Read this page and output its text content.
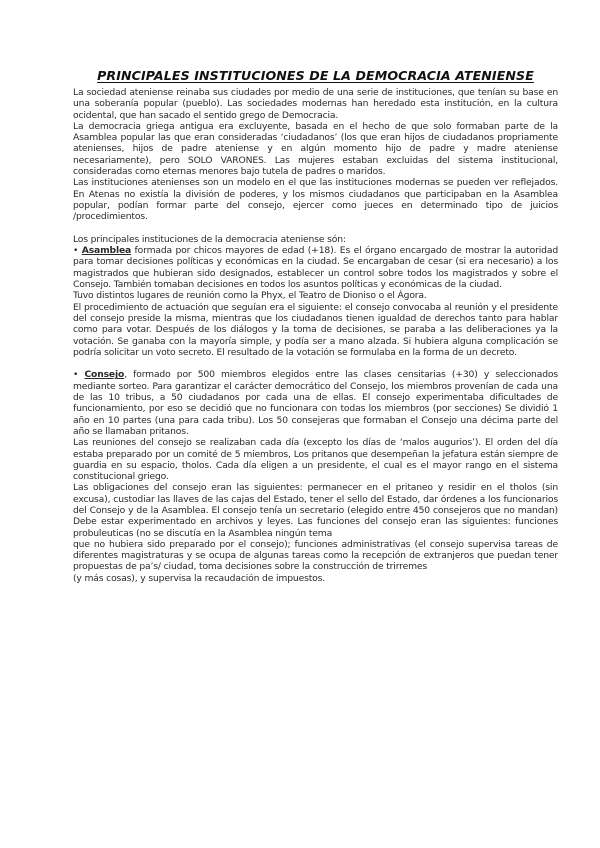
PRINCIPALES INSTITUCIONES DE LA DEMOCRACIA ATENIENSE

La sociedad ateniense reinaba sus ciudades por medio de una serie de instituciones, que tenían su base en una soberanía popular (pueblo). Las sociedades modernas han heredado esta institución, en la cultura ocidental, que han sacado el sentido grego de Democracia.

La democracia griega antigua era excluyente, basada en el hecho de que solo formaban parte de la Asamblea popular las que eran consideradas ‘ciudadanos’ (los que eran hijos de ciudadanos propriamente atenienses, hijos de padre ateniense y en algún momento hijo de padre y madre ateniense necesariamente), pero SOLO VARONES. Las mujeres estaban excluidas del sistema institucional, consideradas como eternas menores bajo tutela de padres o maridos.

Las instituciones atenienses son un modelo en el que las instituciones modernas se pueden ver reflejados. En Atenas no existía la división de poderes, y los mismos ciudadanos que participaban en la Asamblea popular, podían formar parte del consejo, ejercer como jueces en determinado tipo de juicios /procedimientos.

Los principales instituciones de la democracia ateniense són:

• Asamblea formada por chicos mayores de edad (+18). Es el órgano encargado de mostrar la autoridad para tomar decisiones políticas y económicas en la ciudad. Se encargaban de cesar (si era necesario) a los magistrados que hubieran sido designados, establecer un control sobre todos los magistrados y sobre el Consejo. También tomaban decisiones en todos los asuntos políticas y económicas de la ciudad.

Tuvo distintos lugares de reunión como la Phyx, el Teatro de Dioniso o el Ágora.

El procedimiento de actuación que seguían era el siguiente: el consejo convocaba al reunión y el presidente del consejo preside la misma, mientras que los ciudadanos tienen igualdad de derechos tanto para hablar como para votar. Después de los diálogos y la toma de decisiones, se paraba a las deliberaciones ya la votación. Se ganaba con la mayoría simple, y podía ser a mano alzada. Si hubiera alguna complicación se podría solicitar un voto secreto. El resultado de la votación se formulaba en la forma de un decreto.

• Consejo, formado por 500 miembros elegidos entre las clases censitarias (+30) y seleccionados mediante sorteo. Para garantizar el carácter democrático del Consejo, los miembros provenían de cada una de las 10 tribus, a 50 ciudadanos por cada una de ellas. El consejo experimentaba dificultades de funcionamiento, por eso se decidió que no funcionara con todas los miembros (por secciones) Se dividió 1 año en 10 partes (una para cada tribu). Los 50 consejeras que formaban el Consejo una décima parte del año se llamaban pritanos.

Las reuniones del consejo se realizaban cada día (excepto los días de ‘malos augurios’). El orden del día estaba preparado por un comité de 5 miembros, Los pritanos que desempeñan la jefatura están siempre de guardia en su espacio, tholos. Cada día eligen a un presidente, el cual es el mayor rango en el sistema constitucional griego.

Las obligaciones del consejo eran las siguientes: permanecer en el pritaneo y residir en el tholos (sin excusa), custodiar las llaves de las cajas del Estado, tener el sello del Estado, dar órdenes a los funcionarios del Consejo y de la Asamblea. El consejo tenía un secretario (elegido entre 450 consejeros que no mandan) Debe estar experimentado en archivos y leyes. Las funciones del consejo eran las siguientes: funciones probuleuticas (no se discutía en la Asamblea ningún tema

que no hubiera sido preparado por el consejo); funciones administrativas (el consejo supervisa tareas de diferentes magistraturas y se ocupa de algunas tareas como la recepción de extranjeros que puedan tener propuestas de pa’s/ ciudad, toma decisiones sobre la construcción de trirremes

(y más cosas), y supervisa la recaudación de impuestos.
